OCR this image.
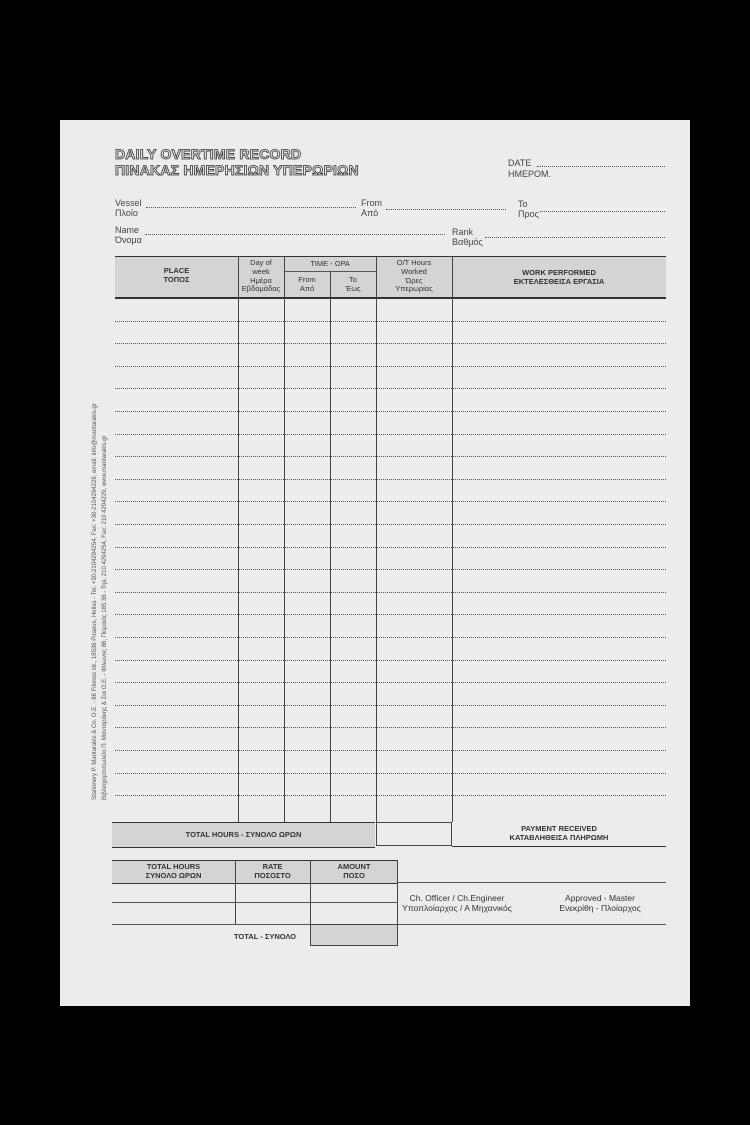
DAILY OVERTIME RECORD
ΠΙΝΑΚΑΣ ΗΜΕΡΗΣΙΩΝ ΥΠΕΡΩΡΙΩΝ	DATE
ΗΜΕΡΟΜ.
Vessel
Πλοίο
From
Από
To
Προς
Name
Όνομα
Rank
Βαθμός
PLACE
ΤΟΠΟΣ
Day of
week
Ημέρα
Εβδομάδας
TIME - ΩΡΑ
From
Από
To
Έως
O/T Hours
Worked
Ώρες
Υπερωρίας
WORK PERFORMED
ΕΚΤΕΛΕΣΘΕΙΣΑ ΕΡΓΑΣΙΑ
TOTAL HOURS - ΣΥΝΟΛΟ ΩΡΩΝ
PAYMENT RECEIVED
ΚΑΤΑΒΛΗΘΕΙΣΑ ΠΛΗΡΩΜΗ
TOTAL HOURS
ΣΥΝΟΛΟ ΩΡΩΝ
RATE
ΠΟΣΟΣΤΟ
AMOUNT
ΠΟΣΟ
Ch. Officer / Ch.Engineer
Υποπλοίαρχος / Α Μηχανικός
Approved - Master
Ενεκρίθη - Πλοίαρχος
TOTAL - ΣΥΝΟΛΟ
Stationery P. Mantarakis & Co. O.E. - 86 Filonos str., 18536 Piraeus, Hellas - Tel. +30-2104294254, Fax: +30-2104294229, email: info@mantarakis.gr Βιβλιοχαρτοπωλείο Π. Μανταράκης & Σια Ο.Ε. - Φίλωνος 86, Πειραιάς 185 36 - Τηλ. 210 4294254, Fax: 210 4294229, www.mantarakis.gr
